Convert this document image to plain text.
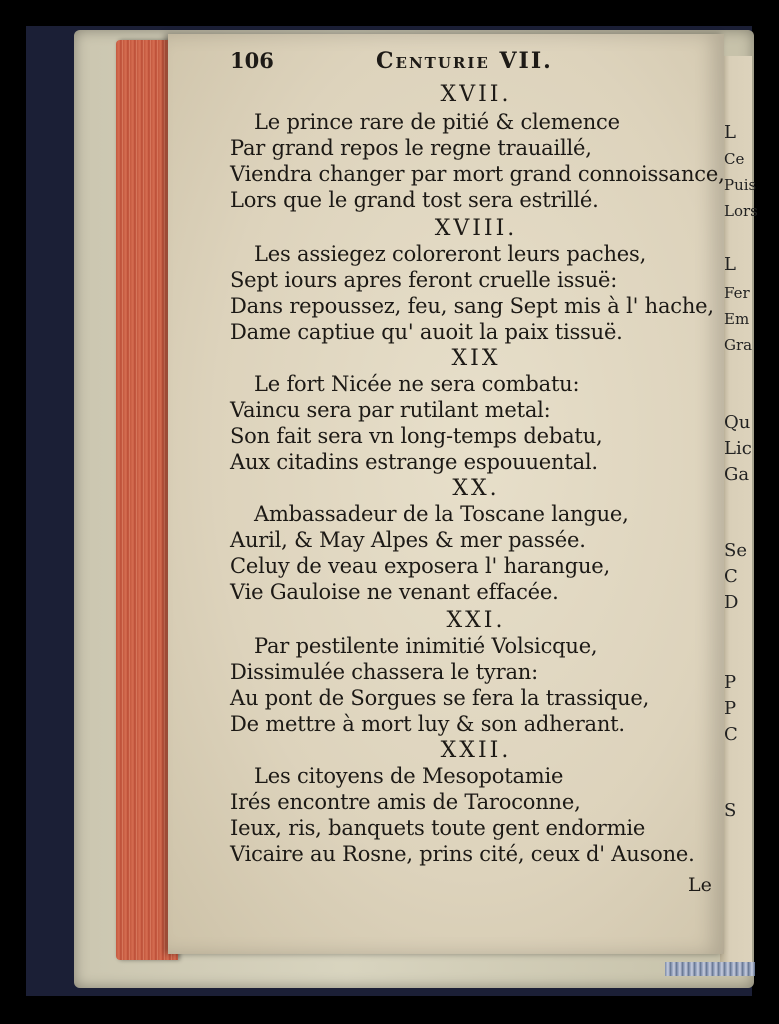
L
Ce
Puis
Lors
L
Fer
Em
Gra
Qu
Lic
Ga
Se
C
D
P
P
C
S
106	Centurie VII.
XVII.
Le prince rare de pitié & clemence
Par grand repos le regne trauaillé,
Viendra changer par mort grand connoissance,
Lors que le grand tost sera estrillé.
XVIII.
Les assiegez coloreront leurs paches,
Sept iours apres feront cruelle issuë:
Dans repoussez, feu, sang Sept mis à l' hache,
Dame captiue qu' auoit la paix tissuë.
XIX
Le fort Nicée ne sera combatu:
Vaincu sera par rutilant metal:
Son fait sera vn long-temps debatu,
Aux citadins estrange espouuental.
XX.
Ambassadeur de la Toscane langue,
Auril, & May Alpes & mer passée.
Celuy de veau exposera l' harangue,
Vie Gauloise ne venant effacée.
XXI.
Par pestilente inimitié Volsicque,
Dissimulée chassera le tyran:
Au pont de Sorgues se fera la trassique,
De mettre à mort luy & son adherant.
XXII.
Les citoyens de Mesopotamie
Irés encontre amis de Taroconne,
Ieux, ris, banquets toute gent endormie
Vicaire au Rosne, prins cité, ceux d' Ausone.
Le
